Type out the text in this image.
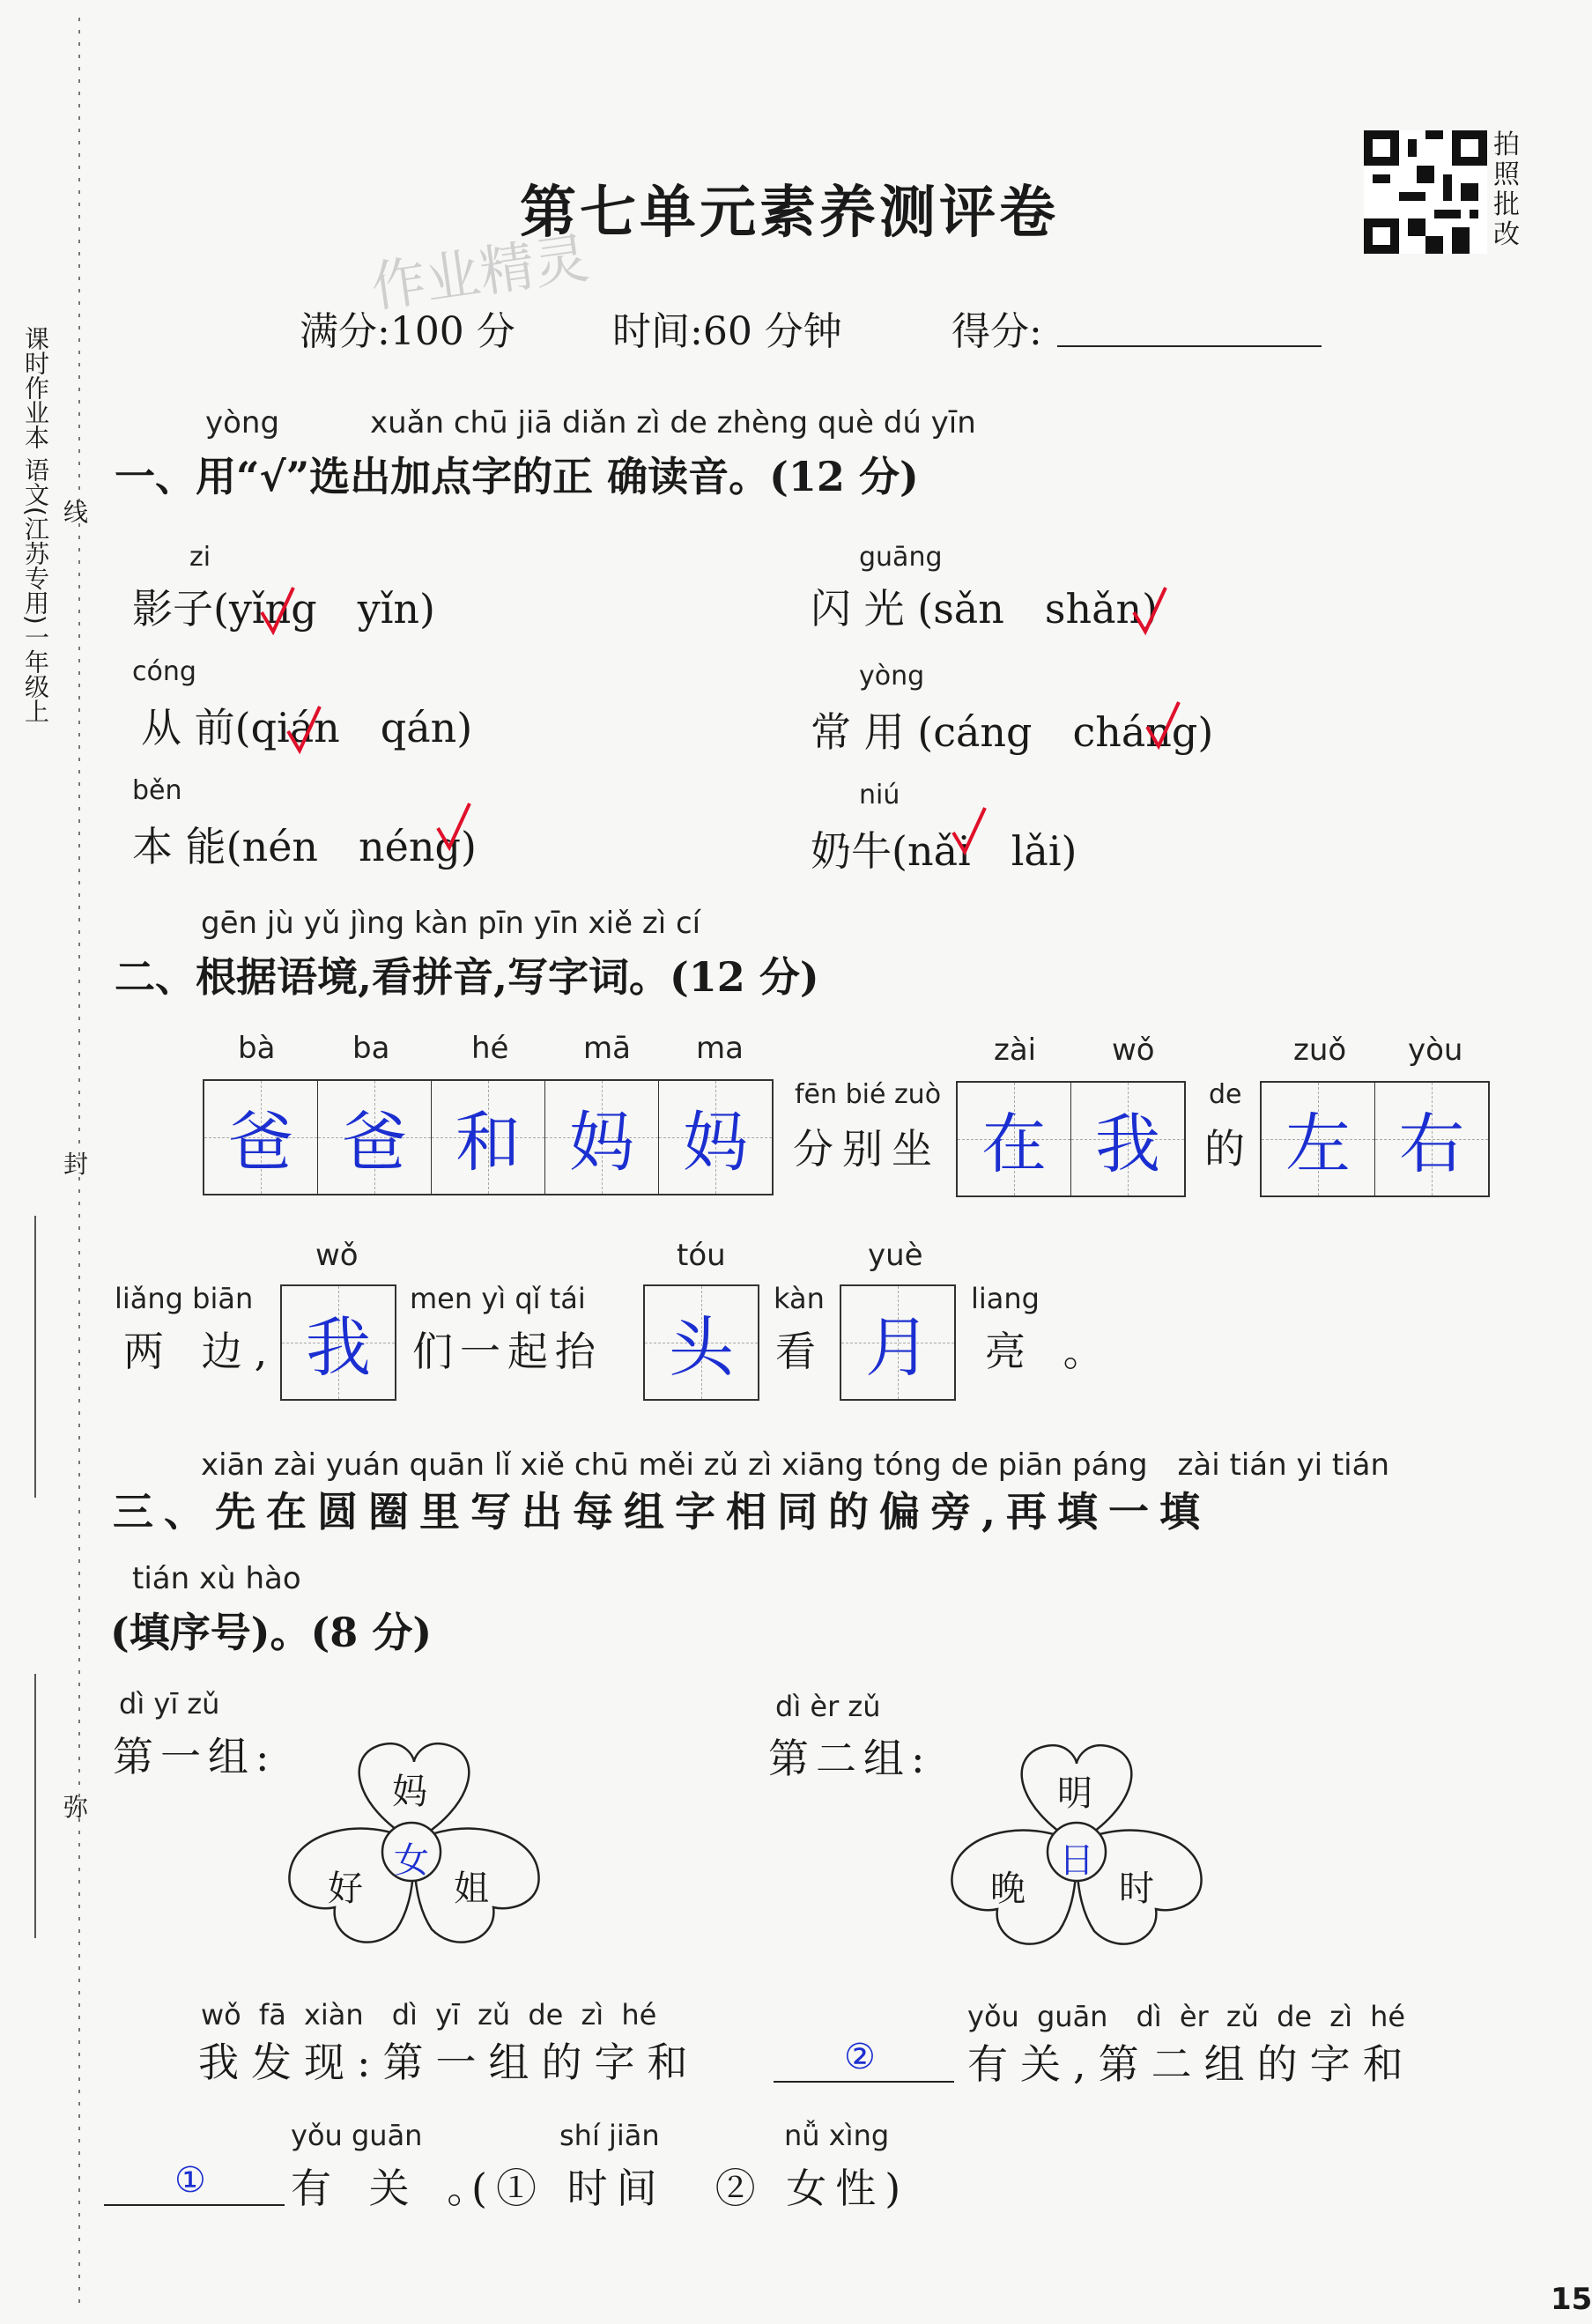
课时作业本 语文(江苏专用)一年级上 线
封
弥
第七单元素养测评卷
作业精灵
拍
照
批
改
满分:100 分	时间:60 分钟	得分:
yòng	xuǎn chū jiā diǎn zì de zhèng què dú yīn
一、用“√”选出加点字的正 确读音。(12 分)
zi
影子(yǐng　yǐn)
guāng
闪 光 (sǎn　shǎn)
cóng
从 前(qián　qán)
yòng
常 用 (cáng　cháng)
běn
本 能(nén　néng)
niú
奶牛(nǎi　lǎi)
gēn jù yǔ jìng kàn pīn yīn xiě zì cí
二、根据语境,看拼音,写字词。(12 分)
bà	ba	hé mā ma
爸 爸 和 妈 妈
fēn bié zuò
分别坐
zài	wǒ
在 我
de
的
zuǒ yòu
左 右
liǎng biān
两 边,
wǒ
我
men yì qǐ tái
们一起抬
tóu
头
kàn
看
yuè
月
liang
亮 。
xiān zài yuán quān lǐ xiě chū měi zǔ zì xiāng tóng de piān páng　zài tián yi tián
三、先在圆圈里写出每组字相同的偏旁,再填一填
tián xù hào
(填序号)。(8 分)
dì yī zǔ
第一组:
dì èr zǔ
第二组:
妈
好	姐
女
明
晚	时
日
wǒ fā xiàn　dì yī zǔ de zì hé
我发现:第一组的字和	②
yǒu guān　dì èr zǔ de zì hé
有关,第二组的字和
①
yǒu guān
有 关 。
shí jiān	nǚ xìng
(① 时间　② 女性)
15
